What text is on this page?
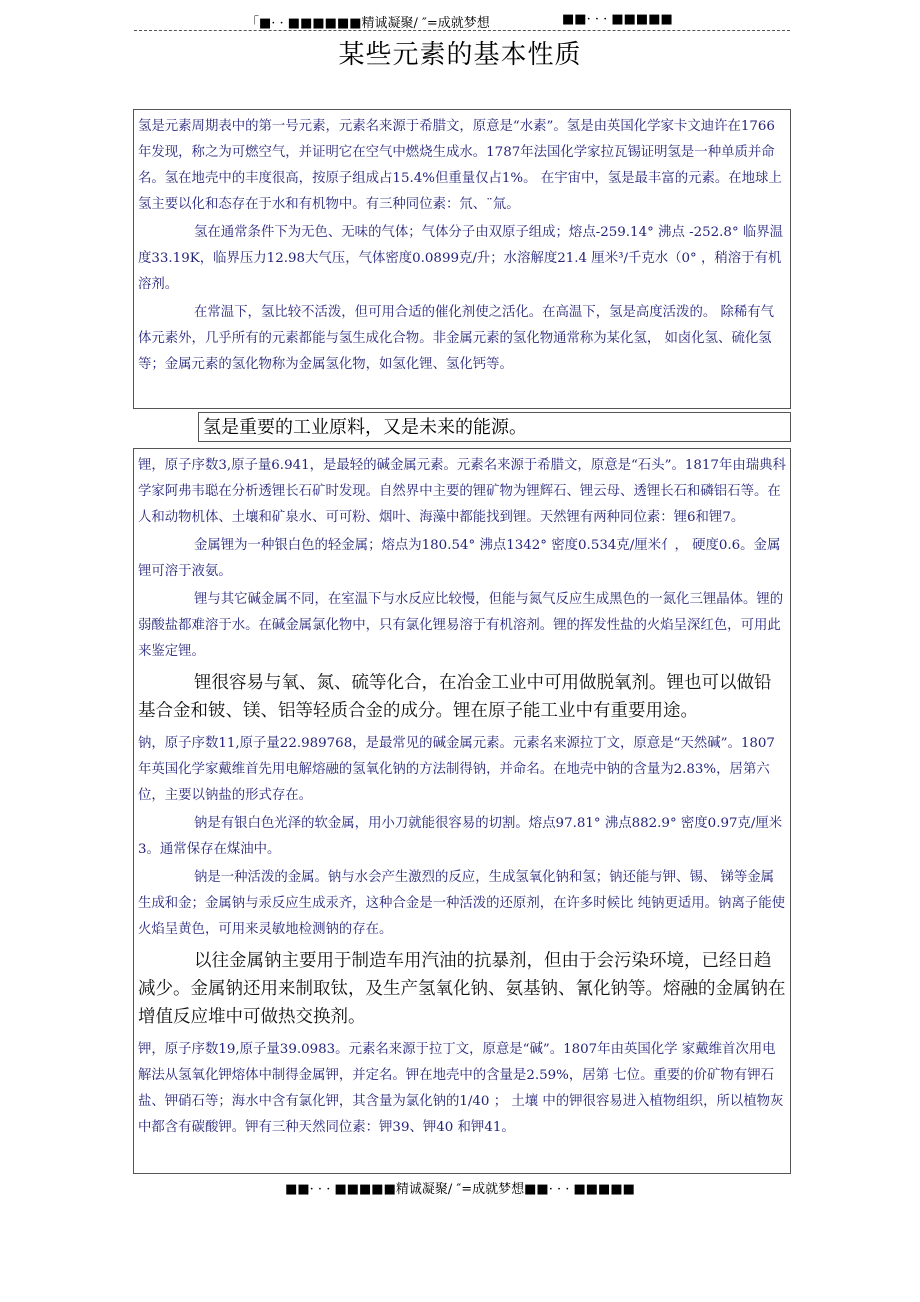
「■· · ■■■■■■精诚凝聚/ ″=成就梦想	■■· · · ■■■■■
某些元素的基本性质

氢是元素周期表中的第一号元素，元素名来源于希腊文，原意是“水素”。氢是由英国化学家卡文迪许在1766年发现，称之为可燃空气，并证明它在空气中燃烧生成水。1787年法国化学家拉瓦锡证明氢是一种单质并命名。氢在地壳中的丰度很高，按原子组成占15.4%但重量仅占1%。 在宇宙中，氢是最丰富的元素。在地球上氢主要以化和态存在于水和有机物中。有三种同位素：氘、¨氚。

氢在通常条件下为无色、无味的气体；气体分子由双原子组成；熔点-259.14° 沸点 -252.8° 临界温度33.19K，临界压力12.98大气压，气体密度0.0899克/升；水溶解度21.4 厘米³/千克水（0° ，稍溶于有机溶剂。

在常温下，氢比较不活泼，但可用合适的催化剂使之活化。在高温下，氢是高度活泼的。 除稀有气体元素外，几乎所有的元素都能与氢生成化合物。非金属元素的氢化物通常称为某化氢， 如卤化氢、硫化氢等；金属元素的氢化物称为金属氢化物，如氢化锂、氢化钙等。

氢是重要的工业原料，又是未来的能源。

锂，原子序数3,原子量6.941，是最轻的碱金属元素。元素名来源于希腊文，原意是“石头”。1817年由瑞典科学家阿弗韦聪在分析透锂长石矿时发现。自然界中主要的锂矿物为锂辉石、锂云母、透锂长石和磷铝石等。在人和动物机体、土壤和矿泉水、可可粉、烟叶、海藻中都能找到锂。天然锂有两种同位素：锂6和锂7。

金属锂为一种银白色的轻金属；熔点为180.54° 沸点1342° 密度0.534克/厘米亻， 硬度0.6。金属锂可溶于液氨。

锂与其它碱金属不同，在室温下与水反应比较慢，但能与氮气反应生成黑色的一氮化三锂晶体。锂的弱酸盐都难溶于水。在碱金属氯化物中，只有氯化锂易溶于有机溶剂。锂的挥发性盐的火焰呈深红色，可用此来鉴定锂。

锂很容易与氧、氮、硫等化合，在冶金工业中可用做脱氧剂。锂也可以做铅基合金和铍、镁、铝等轻质合金的成分。锂在原子能工业中有重要用途。

钠，原子序数11,原子量22.989768，是最常见的碱金属元素。元素名来源拉丁文，原意是“天然碱”。1807年英国化学家戴维首先用电解熔融的氢氧化钠的方法制得钠，并命名。在地壳中钠的含量为2.83%，居第六位，主要以钠盐的形式存在。

钠是有银白色光泽的软金属，用小刀就能很容易的切割。熔点97.81° 沸点882.9° 密度0.97克/厘米3。通常保存在煤油中。

钠是一种活泼的金属。钠与水会产生激烈的反应，生成氢氧化钠和氢；钠还能与钾、锡、 锑等金属生成和金；金属钠与汞反应生成汞齐，这种合金是一种活泼的还原剂，在许多时候比 纯钠更适用。钠离子能使火焰呈黄色，可用来灵敏地检测钠的存在。

以往金属钠主要用于制造车用汽油的抗暴剂，但由于会污染环境，已经日趋减少。金属钠还用来制取钛，及生产氢氧化钠、氨基钠、氰化钠等。熔融的金属钠在增值反应堆中可做热交换剂。

钾，原子序数19,原子量39.0983。元素名来源于拉丁文，原意是“碱”。1807年由英国化学 家戴维首次用电解法从氢氧化钾熔体中制得金属钾，并定名。钾在地壳中的含量是2.59%，居第 七位。重要的价矿物有钾石盐、钾硝石等；海水中含有氯化钾，其含量为氯化钠的1/40 ； 土壤 中的钾很容易进入植物组织，所以植物灰中都含有碳酸钾。钾有三种天然同位素：钾39、钾40 和钾41。

■■· · · ■■■■■精诚凝聚/ ″=成就梦想■■· · · ■■■■■
